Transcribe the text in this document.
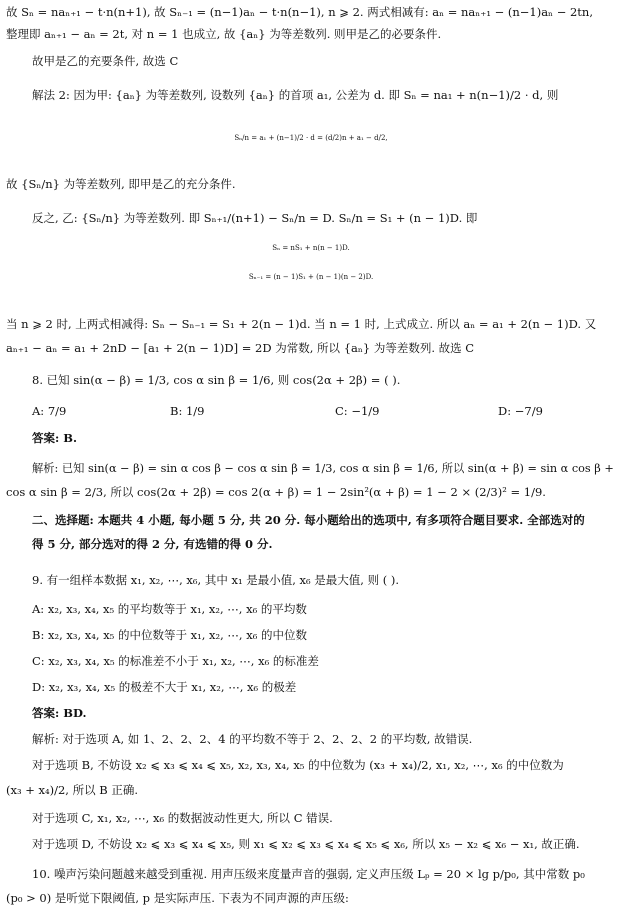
故 Sₙ = naₙ₊₁ − t·n(n+1), 故 Sₙ₋₁ = (n−1)aₙ − t·n(n−1), n ⩾ 2. 两式相减有: aₙ = naₙ₊₁ − (n−1)aₙ − 2tn,
整理即 aₙ₊₁ − aₙ = 2t, 对 n = 1 也成立, 故 {aₙ} 为等差数列. 则甲是乙的必要条件.
故甲是乙的充要条件, 故选 C
解法 2: 因为甲: {aₙ} 为等差数列, 设数列 {aₙ} 的首项 a₁, 公差为 d. 即 Sₙ = na₁ + n(n−1)/2 · d, 则
Sₙ/n = a₁ + (n−1)/2 · d = (d/2)n + a₁ − d/2,
故 {Sₙ/n} 为等差数列, 即甲是乙的充分条件.
反之, 乙: {Sₙ/n} 为等差数列. 即 Sₙ₊₁/(n+1) − Sₙ/n = D. Sₙ/n = S₁ + (n − 1)D. 即
Sₙ = nS₁ + n(n − 1)D.
Sₙ₋₁ = (n − 1)S₁ + (n − 1)(n − 2)D.
当 n ⩾ 2 时, 上两式相减得: Sₙ − Sₙ₋₁ = S₁ + 2(n − 1)d. 当 n = 1 时, 上式成立. 所以 aₙ = a₁ + 2(n − 1)D. 又
aₙ₊₁ − aₙ = a₁ + 2nD − [a₁ + 2(n − 1)D] = 2D 为常数, 所以 {aₙ} 为等差数列. 故选 C
8. 已知 sin(α − β) = 1/3, cos α sin β = 1/6, 则 cos(2α + 2β) = ( ).
A: 7/9	B: 1/9	C: −1/9	D: −7/9
答案: B.
解析: 已知 sin(α − β) = sin α cos β − cos α sin β = 1/3, cos α sin β = 1/6, 所以 sin(α + β) = sin α cos β +
cos α sin β = 2/3, 所以 cos(2α + 2β) = cos 2(α + β) = 1 − 2sin²(α + β) = 1 − 2 × (2/3)² = 1/9.
二、选择题: 本题共 4 小题, 每小题 5 分, 共 20 分. 每小题给出的选项中, 有多项符合题目要求. 全部选对的
得 5 分, 部分选对的得 2 分, 有选错的得 0 分.
9. 有一组样本数据 x₁, x₂, ⋯, x₆, 其中 x₁ 是最小值, x₆ 是最大值, 则 ( ).
A: x₂, x₃, x₄, x₅ 的平均数等于 x₁, x₂, ⋯, x₆ 的平均数
B: x₂, x₃, x₄, x₅ 的中位数等于 x₁, x₂, ⋯, x₆ 的中位数
C: x₂, x₃, x₄, x₅ 的标准差不小于 x₁, x₂, ⋯, x₆ 的标准差
D: x₂, x₃, x₄, x₅ 的极差不大于 x₁, x₂, ⋯, x₆ 的极差
答案: BD.
解析: 对于选项 A, 如 1、2、2、2、4 的平均数不等于 2、2、2、2 的平均数, 故错误.
对于选项 B, 不妨设 x₂ ⩽ x₃ ⩽ x₄ ⩽ x₅, x₂, x₃, x₄, x₅ 的中位数为 (x₃ + x₄)/2, x₁, x₂, ⋯, x₆ 的中位数为
(x₃ + x₄)/2, 所以 B 正确.
对于选项 C, x₁, x₂, ⋯, x₆ 的数据波动性更大, 所以 C 错误.
对于选项 D, 不妨设 x₂ ⩽ x₃ ⩽ x₄ ⩽ x₅, 则 x₁ ⩽ x₂ ⩽ x₃ ⩽ x₄ ⩽ x₅ ⩽ x₆, 所以 x₅ − x₂ ⩽ x₆ − x₁, 故正确.
10. 噪声污染问题越来越受到重视. 用声压级来度量声音的强弱, 定义声压级 Lₚ = 20 × lg p/p₀, 其中常数 p₀
(p₀ > 0) 是听觉下限阈值, p 是实际声压. 下表为不同声源的声压级:
